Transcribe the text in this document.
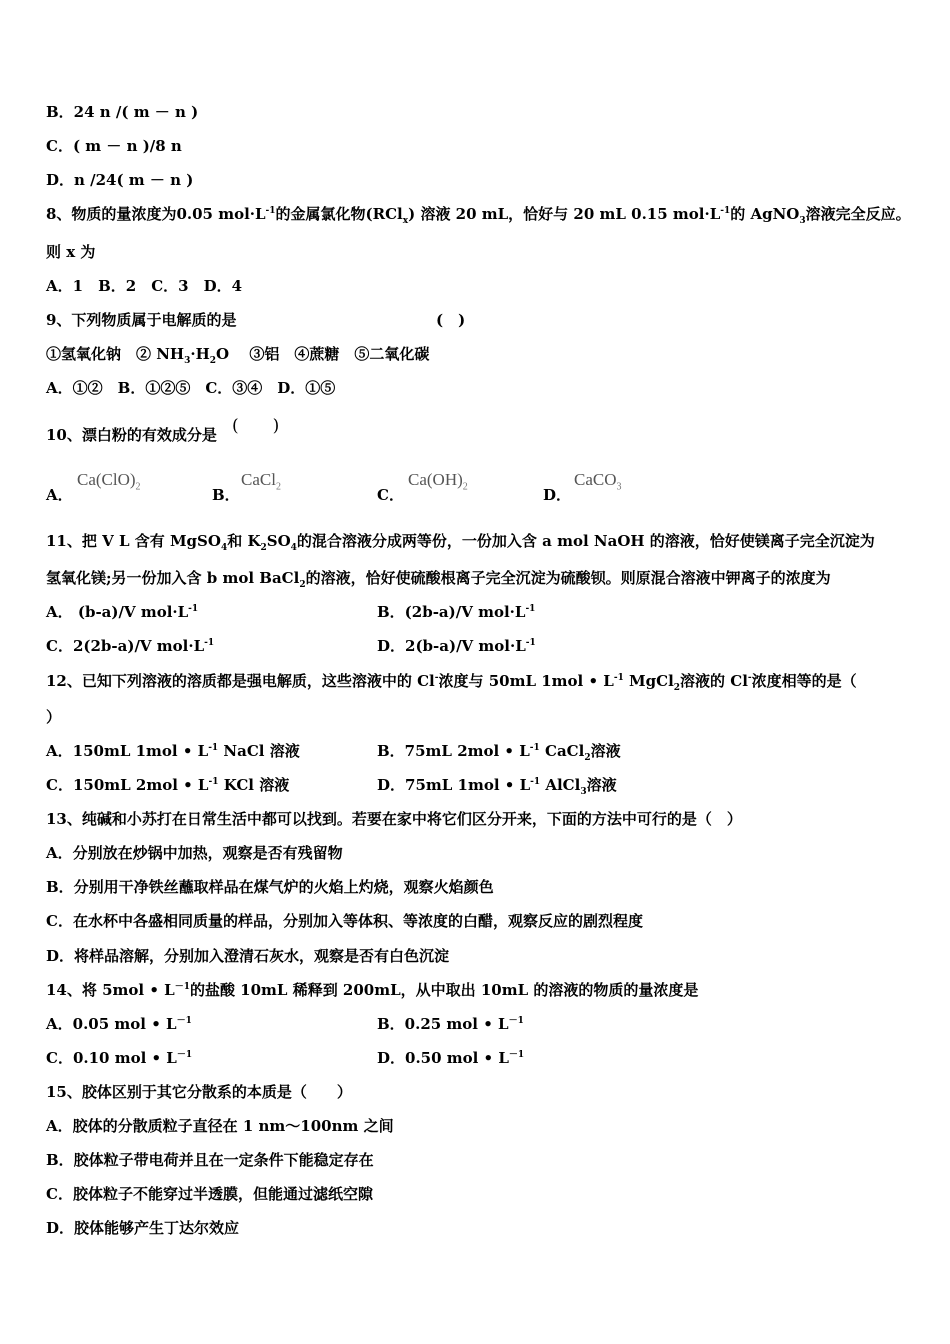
B．24 n /( m － n )
C．( m － n )/8 n
D．n /24( m － n )
8、物质的量浓度为0.05 $mol\cdot L^{-1}$的金属氯化物(RCl$_x$) 溶液 20 mL，恰好与 20 mL 0.15 $mol\cdot L^{-1}$的 AgNO$_3$溶液完全反应。
则 x 为
A．1　B．2　C．3　D．4
9、下列物质属于电解质的是	(　)
①氢氧化钠　② $NH_3\cdot H_2O$　 ③铝　④蔗糖　⑤二氧化碳
A．①②　B．①②⑤　C．③④　D．①⑤
10、漂白粉的有效成分是 (　　)
A．
$Ca(ClO)_2$	B．
CaCl$_2$	C．
$Ca(OH)_2$	D．
CaCO$_3$
11、把 V L 含有 MgSO$_4$和 $K_2SO_4$的混合溶液分成两等份，一份加入含 a mol NaOH 的溶液，恰好使镁离子完全沉淀为
氢氧化镁;另一份加入含 b mol BaCl$_2$的溶液，恰好使硫酸根离子完全沉淀为硫酸钡。则原混合溶液中钾离子的浓度为
A． (b-a)/V $mol\cdot L^{-1}$	B．(2b-a)/V $mol\cdot L^{-1}$
C．2(2b-a)/V $mol\cdot L^{-1}$	D．2(b-a)/V $mol\cdot L^{-1}$
12、已知下列溶液的溶质都是强电解质，这些溶液中的 Cl-浓度与 50mL 1mol • $L^{-1}$ MgCl$_2$溶液的 Cl-浓度相等的是（
）
A．150mL 1mol • $L^{-1}$ NaCl 溶液	B．75mL 2mol • $L^{-1}$ CaCl$_2$溶液
C．150mL 2mol • $L^{-1}$ KCl 溶液	D．75mL 1mol • $L^{-1}$ AlCl$_3$溶液
13、纯碱和小苏打在日常生活中都可以找到。若要在家中将它们区分开来，下面的方法中可行的是（　）
A．分别放在炒锅中加热，观察是否有残留物
B．分别用干净铁丝蘸取样品在煤气炉的火焰上灼烧，观察火焰颜色
C．在水杯中各盛相同质量的样品，分别加入等体积、等浓度的白醋，观察反应的剧烈程度
D．将样品溶解，分别加入澄清石灰水，观察是否有白色沉淀
14、将 5mol • $L^{-1}$的盐酸 10mL 稀释到 200mL，从中取出 10mL 的溶液的物质的量浓度是
A．0.05 mol • $L^{-1}$	B．0.25 mol • $L^{-1}$
C．0.10 mol • $L^{-1}$	D．0.50 mol • $L^{-1}$
15、胶体区别于其它分散系的本质是（　　）
A．胶体的分散质粒子直径在 1 nm～100nm 之间
B．胶体粒子带电荷并且在一定条件下能稳定存在
C．胶体粒子不能穿过半透膜，但能通过滤纸空隙
D．胶体能够产生丁达尔效应
